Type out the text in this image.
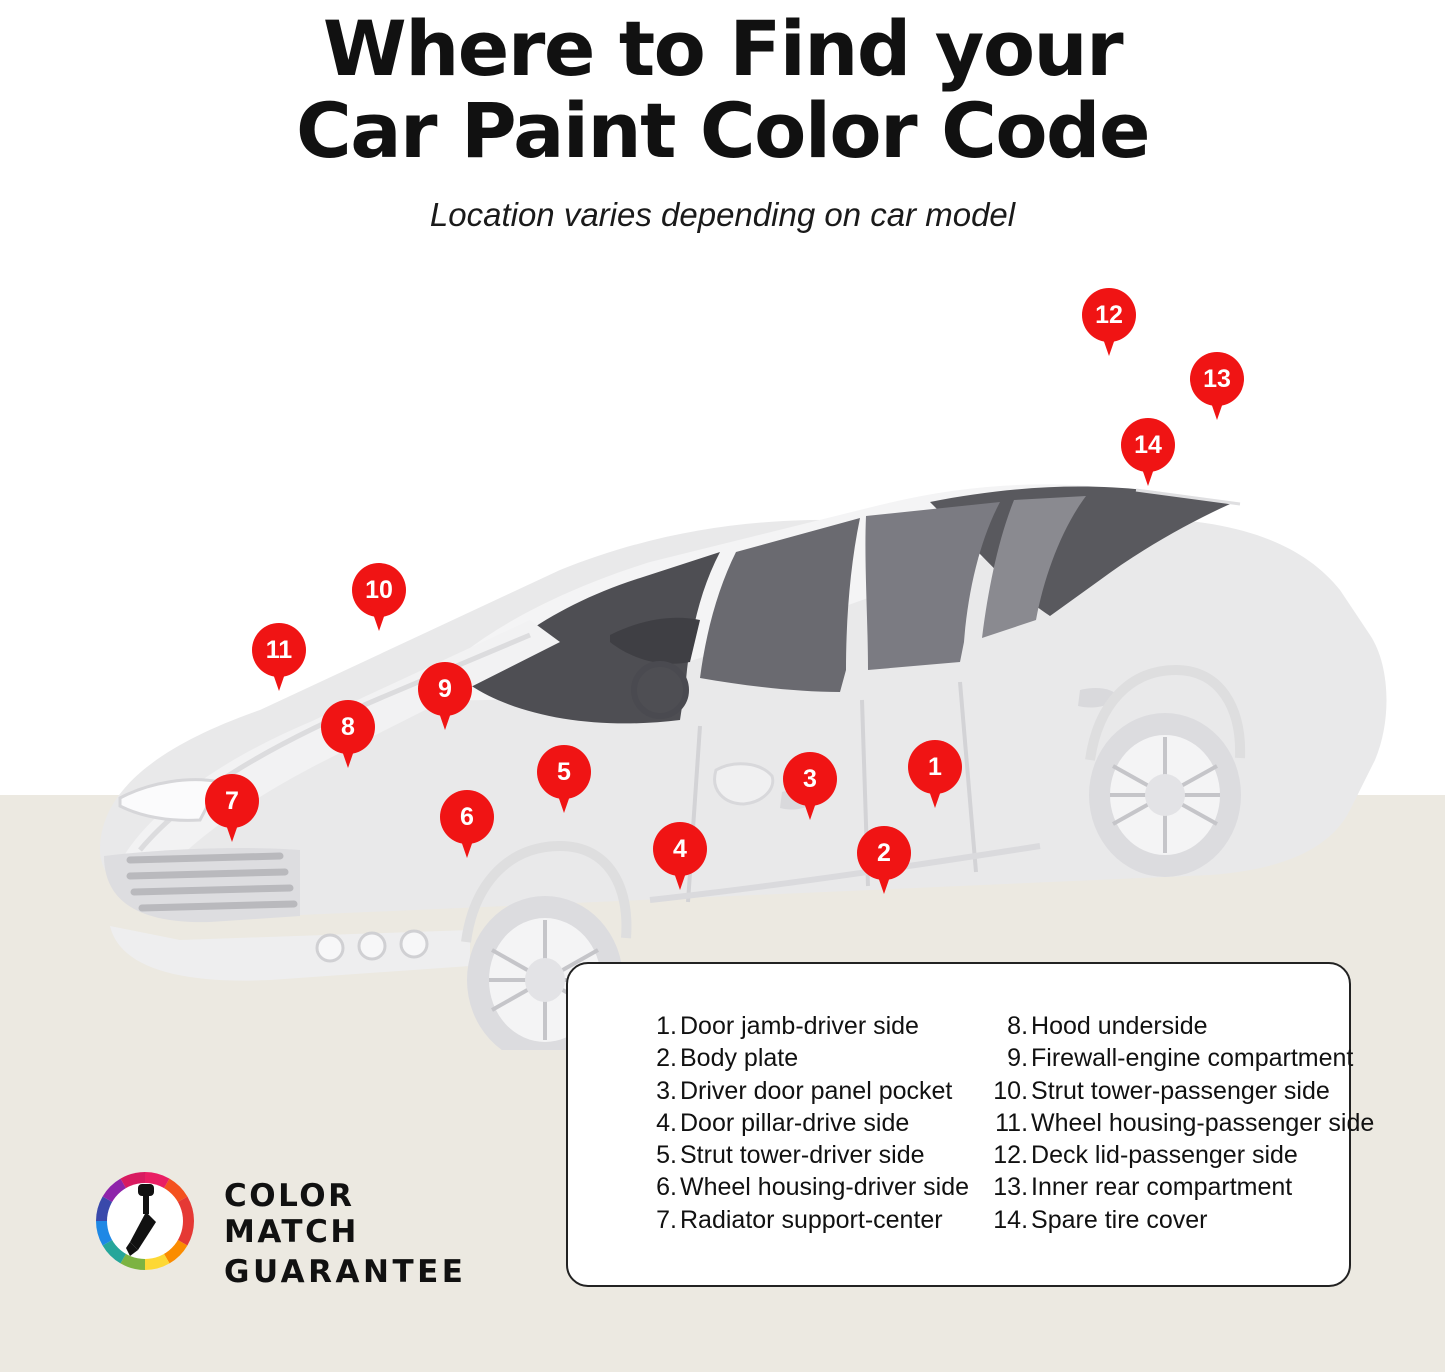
Where to Find your
Car Paint Color Code

Location varies depending on car model

1
2
3
4
5
6
7
8
9
10
11
12
13
14
1. Door jamb-driver side
2. Body plate
3. Driver door panel pocket
4. Door pillar-drive side
5. Strut tower-driver side
6. Wheel housing-driver side
7. Radiator support-center
8. Hood underside
9. Firewall-engine compartment
10. Strut tower-passenger side
11. Wheel housing-passenger side
12. Deck lid-passenger side
13. Inner rear compartment
14. Spare tire cover
COLOR MATCH
GUARANTEE
